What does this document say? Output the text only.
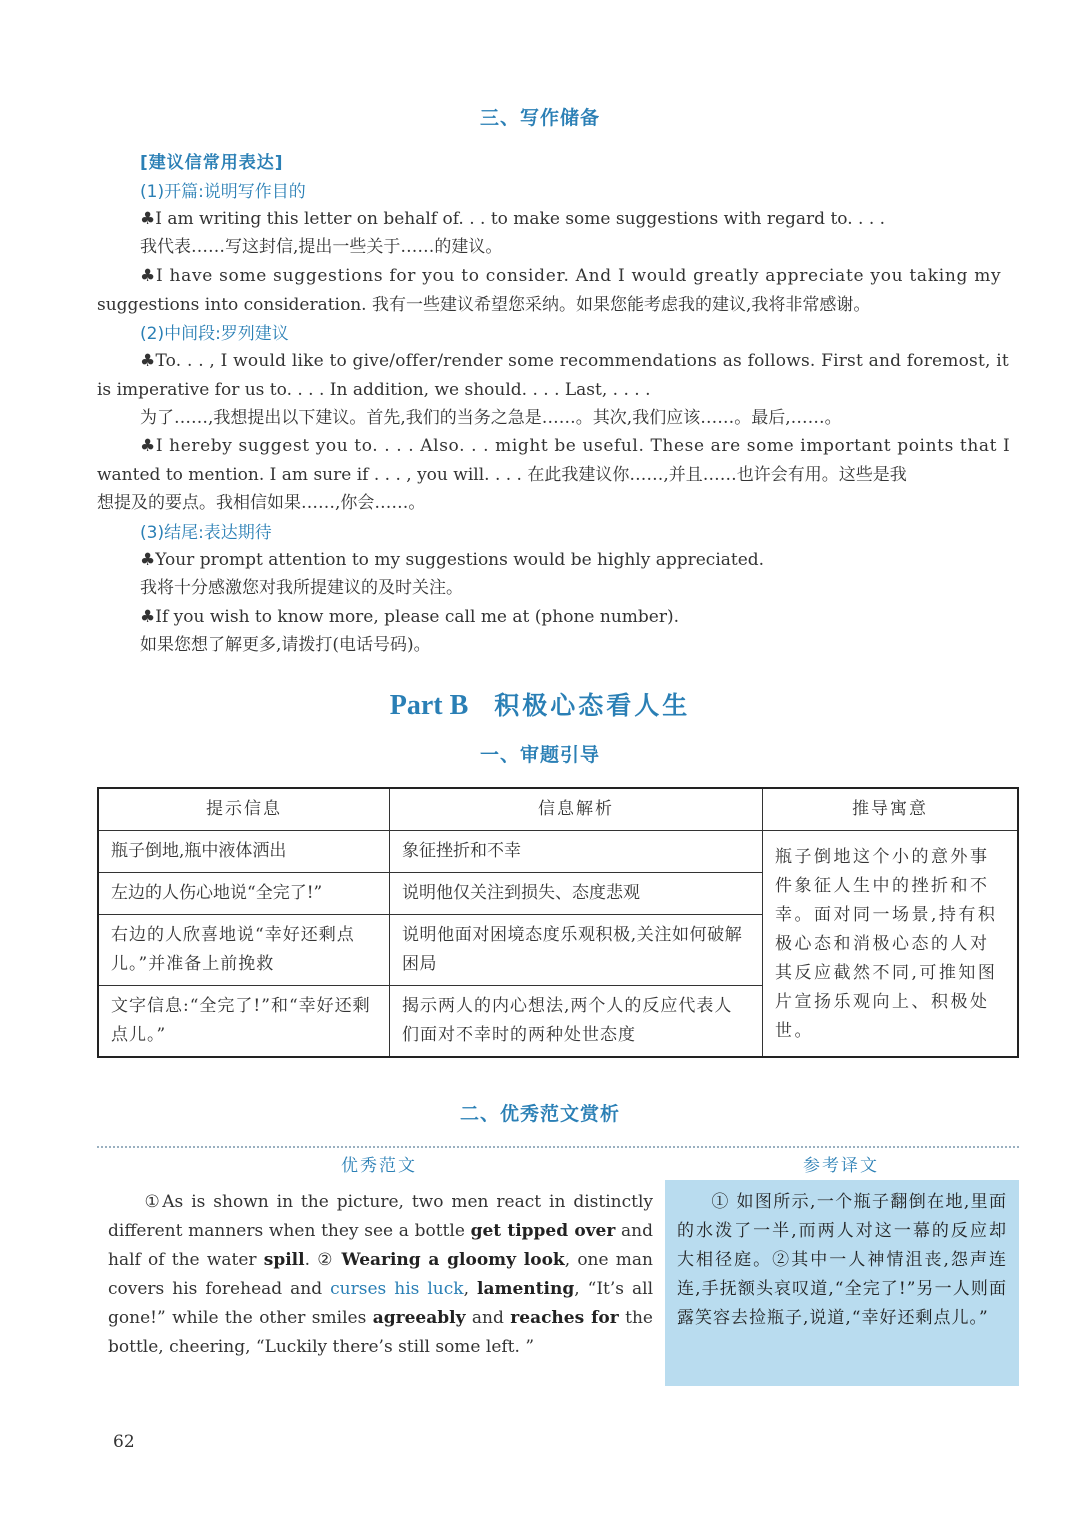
三、写作储备
[建议信常用表达]
(1)开篇:说明写作目的
♣I am writing this letter on behalf of. . . to make some suggestions with regard to. . . .
我代表……写这封信,提出一些关于……的建议。
♣I have some suggestions for you to consider. And I would greatly appreciate you taking my
suggestions into consideration. 我有一些建议希望您采纳。如果您能考虑我的建议,我将非常感谢。
(2)中间段:罗列建议
♣To. . . , I would like to give/offer/render some recommendations as follows. First and foremost, it
is imperative for us to. . . . In addition, we should. . . . Last, . . . .
为了……,我想提出以下建议。首先,我们的当务之急是……。其次,我们应该……。最后,……。
♣I hereby suggest you to. . . . Also. . . might be useful. These are some important points that I
wanted to mention. I am sure if . . . , you will. . . . 在此我建议你……,并且……也许会有用。这些是我
想提及的要点。我相信如果……,你会……。
(3)结尾:表达期待
♣Your prompt attention to my suggestions would be highly appreciated.
我将十分感激您对我所提建议的及时关注。
♣If you wish to know more, please call me at (phone number).
如果您想了解更多,请拨打(电话号码)。
Part B 积极心态看人生
一、审题引导
提示信息	信息解析	推导寓意
瓶子倒地,瓶中液体洒出	象征挫折和不幸	瓶子倒地这个小的意外事件象征人生中的挫折和不幸。面对同一场景,持有积极心态和消极心态的人对其反应截然不同,可推知图片宣扬乐观向上、积极处世。
左边的人伤心地说“全完了!”	说明他仅关注到损失、态度悲观	
右边的人欣喜地说“幸好还剩点儿。”并准备上前挽救	说明他面对困境态度乐观积极,关注如何破解困局	
文字信息:“全完了!”和“幸好还剩点儿。”	揭示两人的内心想法,两个人的反应代表人们面对不幸时的两种处世态度	
二、优秀范文赏析
优秀范文	参考译文
①As is shown in the picture, two men react in distinctly different manners when they see a bottle get tipped over and half of the water spill. ② Wearing a gloomy look, one man covers his forehead and curses his luck, lamenting, “It’s all gone!” while the other smiles agreeably and reaches for the bottle, cheering, “Luckily there’s still some left. ”
① 如图所示,一个瓶子翻倒在地,里面的水泼了一半,而两人对这一幕的反应却大相径庭。②其中一人神情沮丧,怨声连连,手抚额头哀叹道,“全完了!”另一人则面露笑容去捡瓶子,说道,“幸好还剩点儿。”
62
